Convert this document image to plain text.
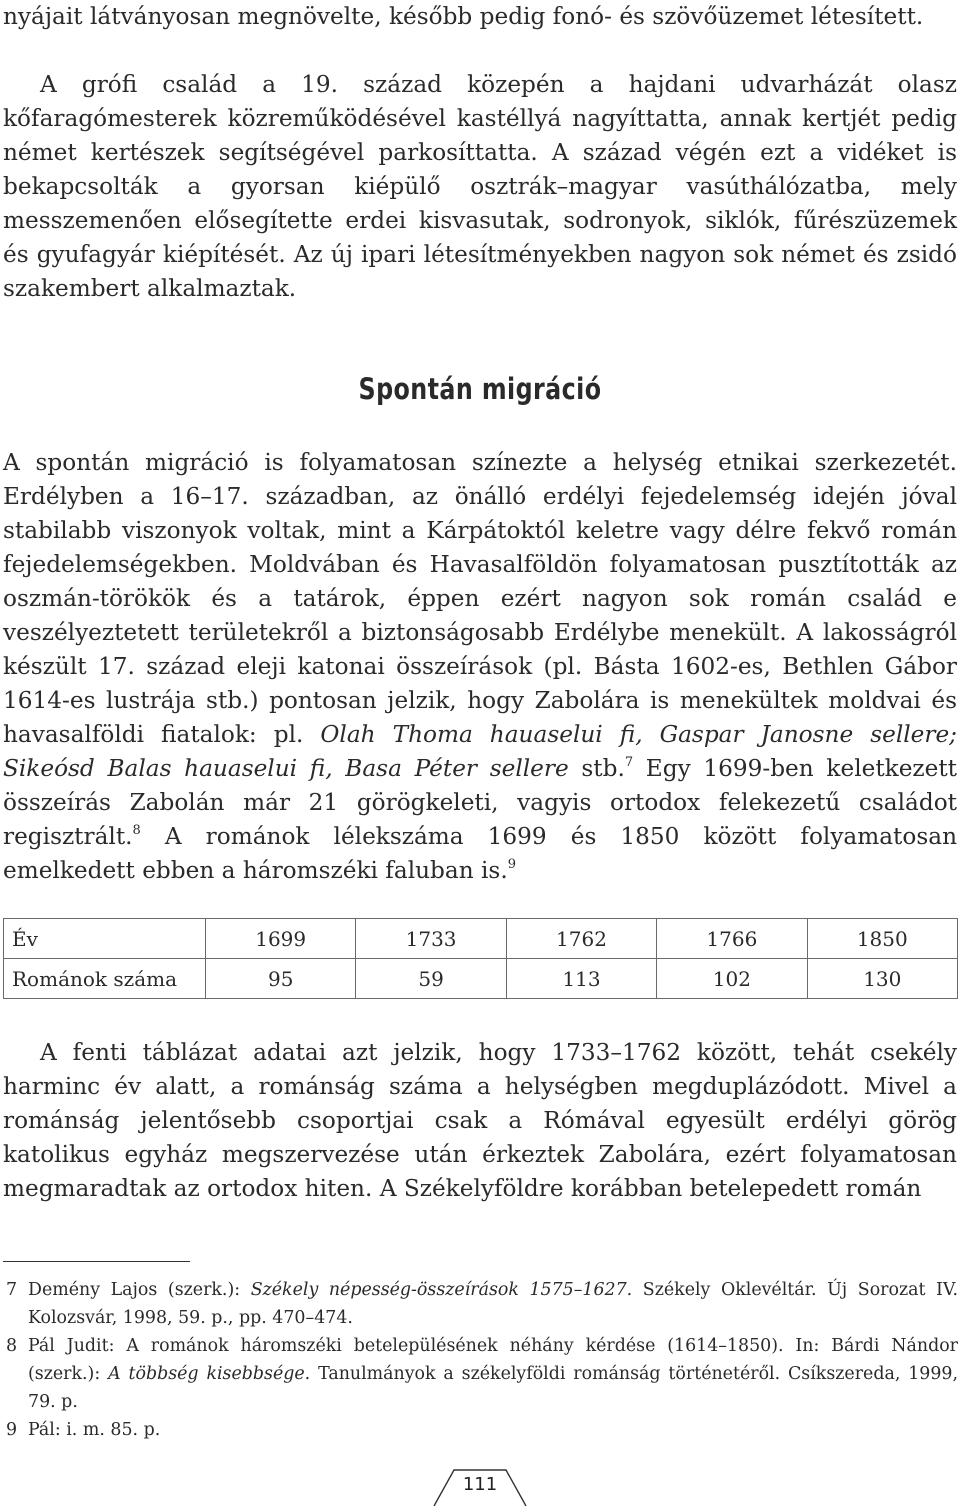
nyájait látványosan megnövelte, később pedig fonó- és szövőüzemet létesített.

A grófi család a 19. század közepén a hajdani udvarházát olasz kőfaragómesterek közreműködésével kastéllyá nagyíttatta, annak kertjét pedig német kertészek segítségével parkosíttatta. A század végén ezt a vidéket is bekapcsolták a gyorsan kiépülő osztrák–magyar vasúthálózatba, mely messzemenően elősegítette erdei kisvasutak, sodronyok, siklók, fűrészüzemek és gyufagyár kiépítését. Az új ipari létesítményekben nagyon sok német és zsidó szakembert alkalmaztak.

Spontán migráció

A spontán migráció is folyamatosan színezte a helység etnikai szerkezetét. Erdélyben a 16–17. században, az önálló erdélyi fejedelemség idején jóval stabilabb viszonyok voltak, mint a Kárpátoktól keletre vagy délre fekvő román fejedelemségekben. Moldvában és Havasalföldön folyamatosan pusztították az oszmán-törökök és a tatárok, éppen ezért nagyon sok román család e veszélyeztetett területekről a biztonságosabb Erdélybe menekült. A lakosságról készült 17. század eleji katonai összeírások (pl. Básta 1602-es, Bethlen Gábor 1614-es lustrája stb.) pontosan jelzik, hogy Zabolára is menekültek moldvai és havasalföldi fiatalok: pl. Olah Thoma hauaselui fi, Gaspar Janosne sellere; Sikeósd Balas hauaselui fi, Basa Péter sellere stb.$^7$ Egy 1699-ben keletkezett összeírás Zabolán már 21 görögkeleti, vagyis ortodox felekezetű családot regisztrált.$^8$ A románok lélekszáma 1699 és 1850 között folyamatosan emelkedett ebben a háromszéki faluban is.$^9$

Év	1699	1733	1762	1766	1850
Románok száma	95	59	113	102	130

A fenti táblázat adatai azt jelzik, hogy 1733–1762 között, tehát csekély harminc év alatt, a románság száma a helységben megduplázódott. Mivel a románság jelentősebb csoportjai csak a Rómával egyesült erdélyi görög katolikus egyház megszervezése után érkeztek Zabolára, ezért folyamatosan megmaradtak az ortodox hiten. A Székelyföldre korábban betelepedett román

7 Demény Lajos (szerk.): Székely népesség-összeírások 1575–1627. Székely Oklevéltár. Új Sorozat IV. Kolozsvár, 1998, 59. p., pp. 470–474.

8 Pál Judit: A románok háromszéki betelepülésének néhány kérdése (1614–1850). In: Bárdi Nándor (szerk.): A többség kisebbsége. Tanulmányok a székelyföldi románság történetéről. Csíkszereda, 1999, 79. p.

9 Pál: i. m. 85. p.

111
